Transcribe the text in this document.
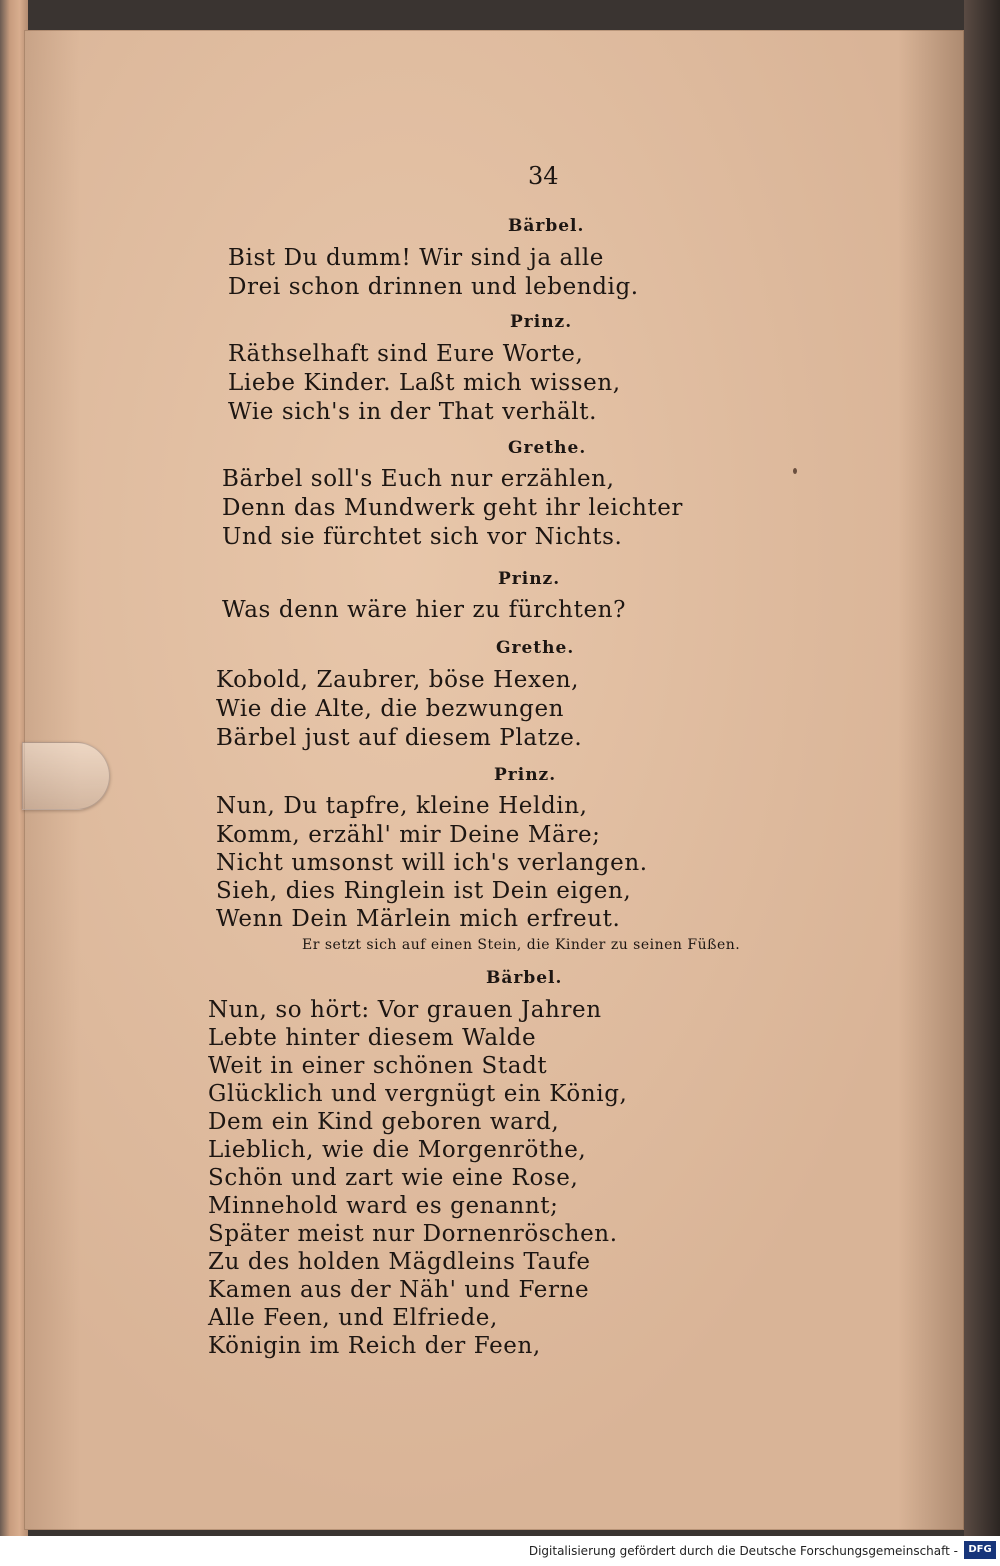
34
Bärbel.
Bist Du dumm! Wir sind ja alle
Drei schon drinnen und lebendig.
Prinz.
Räthselhaft sind Eure Worte,
Liebe Kinder. Laßt mich wissen,
Wie sich's in der That verhält.
Grethe.
Bärbel soll's Euch nur erzählen,
Denn das Mundwerk geht ihr leichter
Und sie fürchtet sich vor Nichts.
Prinz.
Was denn wäre hier zu fürchten?
Grethe.
Kobold, Zaubrer, böse Hexen,
Wie die Alte, die bezwungen
Bärbel just auf diesem Platze.
Prinz.
Nun, Du tapfre, kleine Heldin,
Komm, erzähl' mir Deine Märe;
Nicht umsonst will ich's verlangen.
Sieh, dies Ringlein ist Dein eigen,
Wenn Dein Märlein mich erfreut.
Er setzt sich auf einen Stein, die Kinder zu seinen Füßen.
Bärbel.
Nun, so hört: Vor grauen Jahren
Lebte hinter diesem Walde
Weit in einer schönen Stadt
Glücklich und vergnügt ein König,
Dem ein Kind geboren ward,
Lieblich, wie die Morgenröthe,
Schön und zart wie eine Rose,
Minnehold ward es genannt;
Später meist nur Dornenröschen.
Zu des holden Mägdleins Taufe
Kamen aus der Näh' und Ferne
Alle Feen, und Elfriede,
Königin im Reich der Feen,
Digitalisierung gefördert durch die Deutsche Forschungsgemeinschaft -	DFG
